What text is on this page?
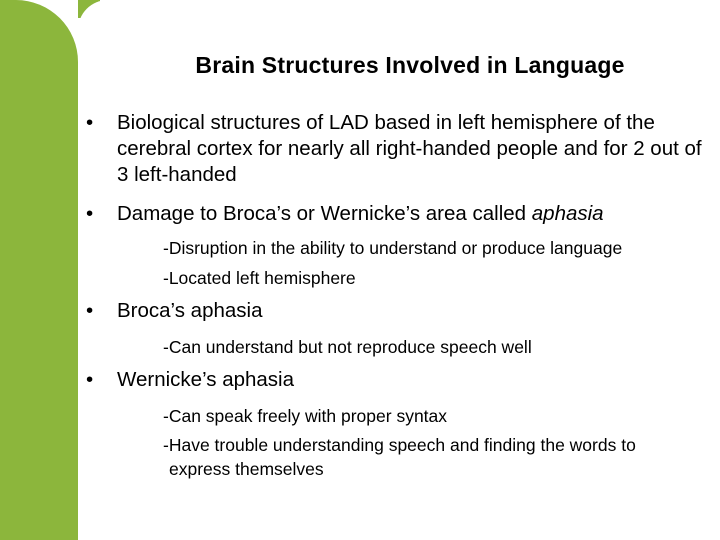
Brain Structures Involved in Language
•	Biological structures of LAD based in left hemisphere of the cerebral cortex for nearly all right-handed people and for 2 out of 3 left-handed
•	Damage to Broca’s or Wernicke’s area called aphasia
-Disruption in the ability to understand or produce language
-Located left hemisphere
•	Broca’s aphasia
-Can understand but not reproduce speech well
•	Wernicke’s aphasia
-Can speak freely with proper syntax
-Have trouble understanding speech and finding the words to
express themselves
